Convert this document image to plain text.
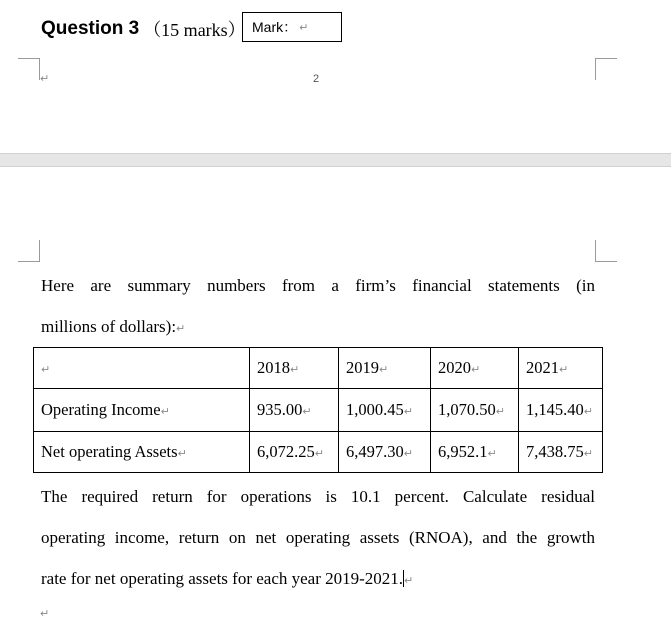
Question 3 （15 marks） Mark： ↵
↵	2
Here are summary numbers from a firm’s financial statements (in
millions of dollars):↵
↵	2018↵	2019↵	2020↵	2021↵
Operating Income↵	935.00↵	1,000.45↵	1,070.50↵	1,145.40↵
Net operating Assets↵	6,072.25↵	6,497.30↵	6,952.1↵	7,438.75↵
The required return for operations is 10.1 percent. Calculate residual
operating income, return on net operating assets (RNOA), and the growth
rate for net operating assets for each year 2019-2021.↵
↵
